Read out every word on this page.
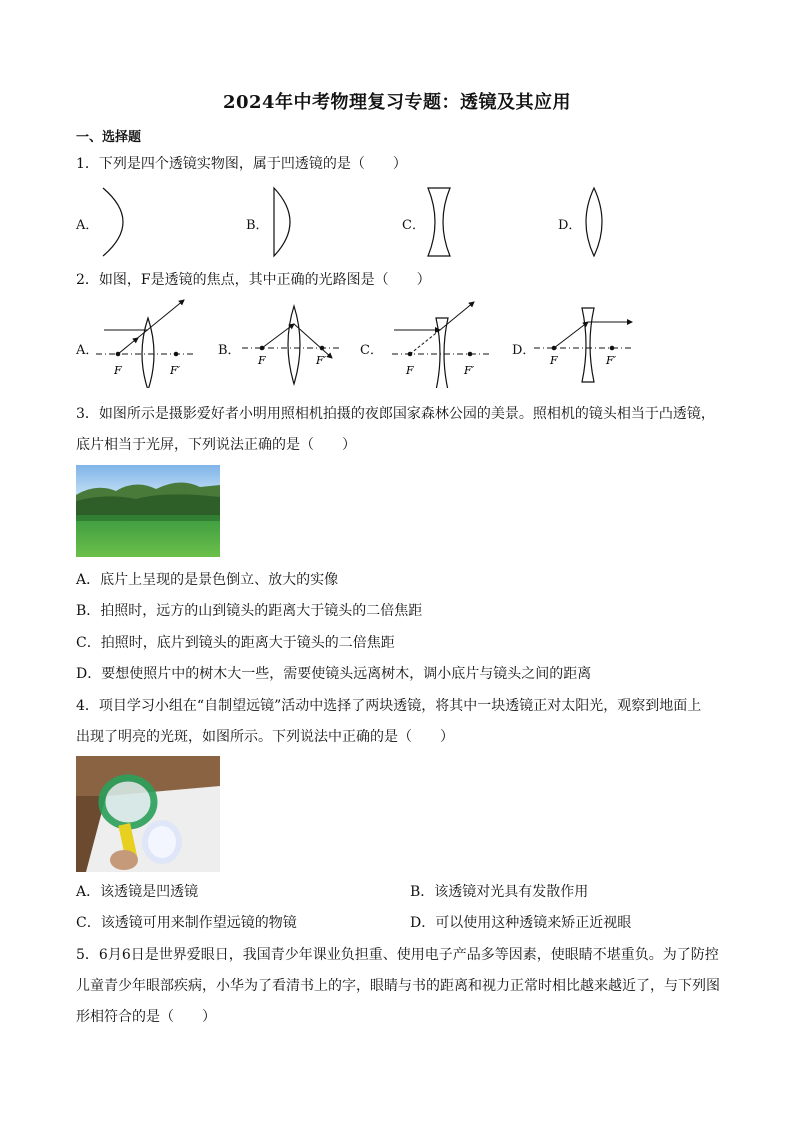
2024年中考物理复习专题：透镜及其应用
一、选择题
1．下列是四个透镜实物图，属于凹透镜的是（　　）
A．	B．	C．	D．
2．如图，F是透镜的焦点，其中正确的光路图是（　　）
A．	B．	C．	D．
F	F′
F	F′
F	F′
F	F′
3．如图所示是摄影爱好者小明用照相机拍摄的夜郎国家森林公园的美景。照相机的镜头相当于凸透镜，
底片相当于光屏，下列说法正确的是（　　）
A．底片上呈现的是景色倒立、放大的实像
B．拍照时，远方的山到镜头的距离大于镜头的二倍焦距
C．拍照时，底片到镜头的距离大于镜头的二倍焦距
D．要想使照片中的树木大一些，需要使镜头远离树木，调小底片与镜头之间的距离
4．项目学习小组在“自制望远镜”活动中选择了两块透镜，将其中一块透镜正对太阳光，观察到地面上
出现了明亮的光斑，如图所示。下列说法中正确的是（　　）
A．该透镜是凹透镜	B．该透镜对光具有发散作用
C．该透镜可用来制作望远镜的物镜	D．可以使用这种透镜来矫正近视眼
5．6月6日是世界爱眼日，我国青少年课业负担重、使用电子产品多等因素，使眼睛不堪重负。为了防控
儿童青少年眼部疾病，小华为了看清书上的字，眼睛与书的距离和视力正常时相比越来越近了，与下列图
形相符合的是（　　）
